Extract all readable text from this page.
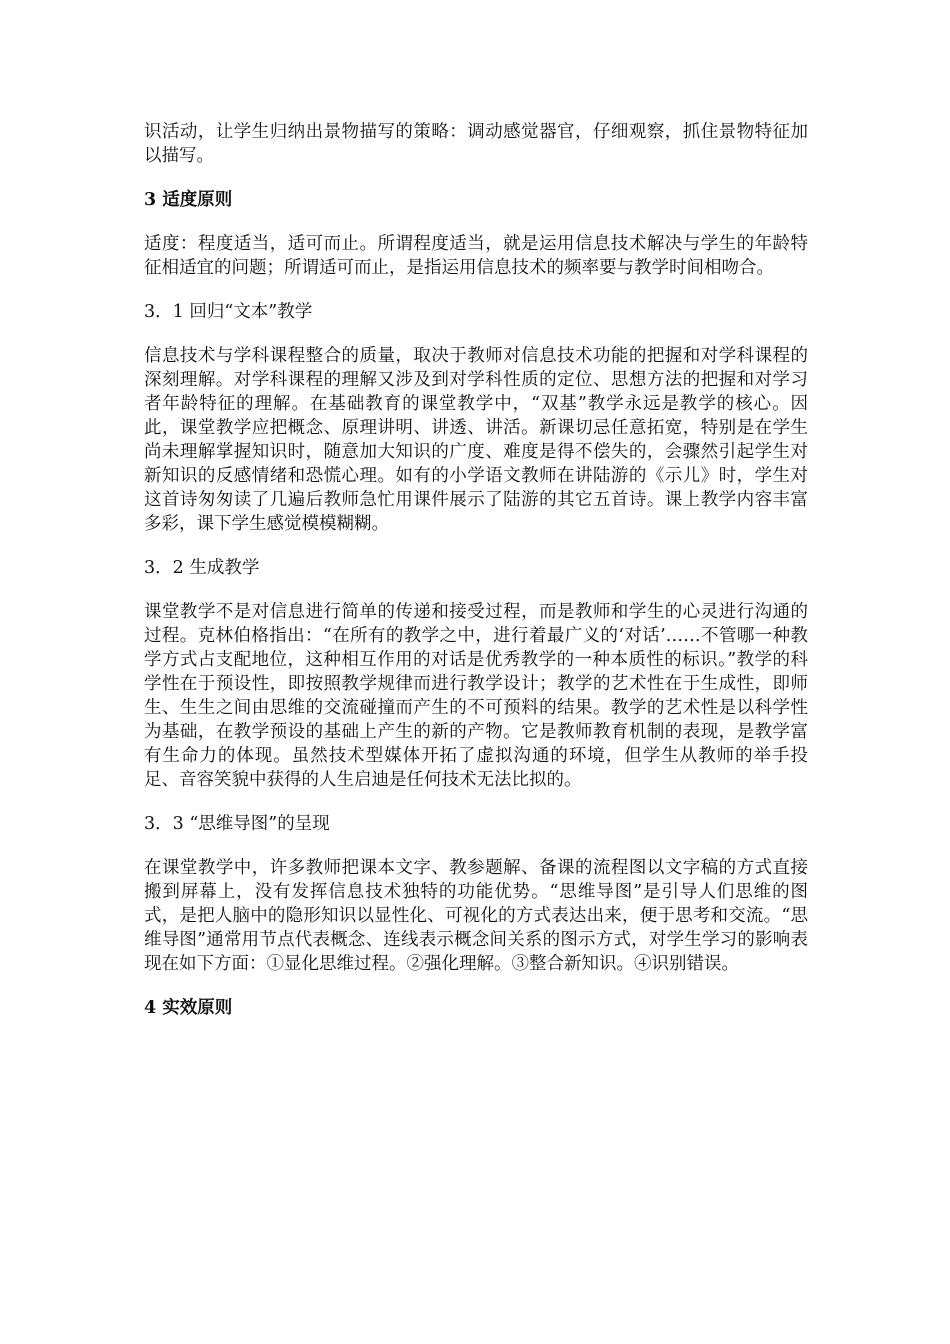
识活动，让学生归纳出景物描写的策略：调动感觉器官，仔细观察，抓住景物特征加以描写。

3 适度原则

适度：程度适当，适可而止。所谓程度适当，就是运用信息技术解决与学生的年龄特征相适宜的问题；所谓适可而止，是指运用信息技术的频率要与教学时间相吻合。

3．1 回归“文本”教学

信息技术与学科课程整合的质量，取决于教师对信息技术功能的把握和对学科课程的深刻理解。对学科课程的理解又涉及到对学科性质的定位、思想方法的把握和对学习者年龄特征的理解。在基础教育的课堂教学中，“双基”教学永远是教学的核心。因此，课堂教学应把概念、原理讲明、讲透、讲活。新课切忌任意拓宽，特别是在学生尚未理解掌握知识时，随意加大知识的广度、难度是得不偿失的，会骤然引起学生对新知识的反感情绪和恐慌心理。如有的小学语文教师在讲陆游的《示儿》时，学生对这首诗匆匆读了几遍后教师急忙用课件展示了陆游的其它五首诗。课上教学内容丰富多彩，课下学生感觉模模糊糊。

3．2 生成教学

课堂教学不是对信息进行简单的传递和接受过程，而是教师和学生的心灵进行沟通的过程。克林伯格指出：“在所有的教学之中，进行着最广义的‘对话’……不管哪一种教学方式占支配地位，这种相互作用的对话是优秀教学的一种本质性的标识。”教学的科学性在于预设性，即按照教学规律而进行教学设计；教学的艺术性在于生成性，即师生、生生之间由思维的交流碰撞而产生的不可预料的结果。教学的艺术性是以科学性为基础，在教学预设的基础上产生的新的产物。它是教师教育机制的表现，是教学富有生命力的体现。虽然技术型媒体开拓了虚拟沟通的环境，但学生从教师的举手投足、音容笑貌中获得的人生启迪是任何技术无法比拟的。

3．3 “思维导图”的呈现

在课堂教学中，许多教师把课本文字、教参题解、备课的流程图以文字稿的方式直接搬到屏幕上，没有发挥信息技术独特的功能优势。“思维导图”是引导人们思维的图式，是把人脑中的隐形知识以显性化、可视化的方式表达出来，便于思考和交流。“思维导图”通常用节点代表概念、连线表示概念间关系的图示方式，对学生学习的影响表现在如下方面：①显化思维过程。②强化理解。③整合新知识。④识别错误。

4 实效原则
